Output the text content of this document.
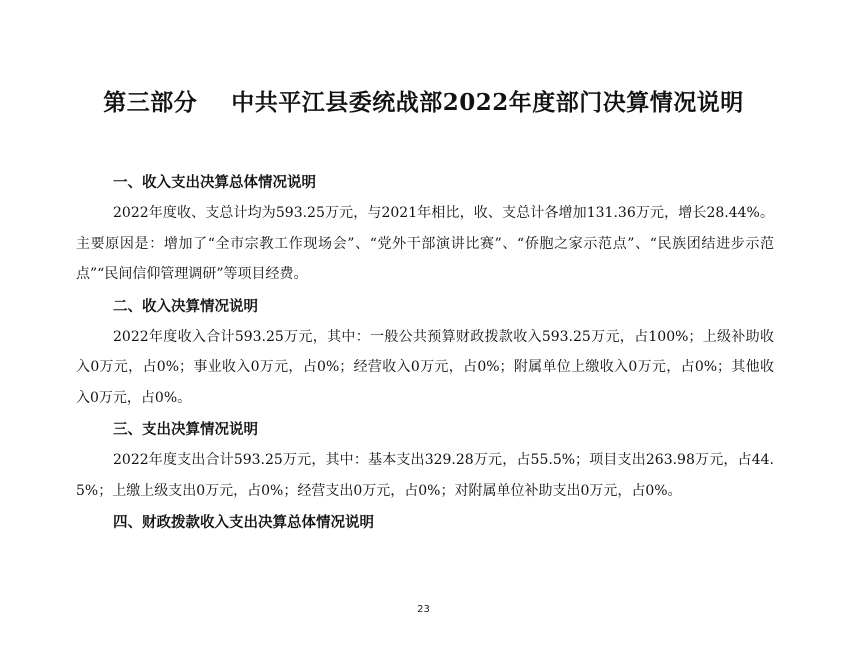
第三部分    中共平江县委统战部2022年度部门决算情况说明

一、收入支出决算总体情况说明

2022年度收、支总计均为593.25万元，与2021年相比，收、支总计各增加131.36万元，增长28.44%。主要原因是：增加了“全市宗教工作现场会”、“党外干部演讲比赛”、“侨胞之家示范点”、“民族团结进步示范点”“民间信仰管理调研”等项目经费。

二、收入决算情况说明

2022年度收入合计593.25万元，其中：一般公共预算财政拨款收入593.25万元，占100%；上级补助收入0万元，占0%；事业收入0万元，占0%；经营收入0万元，占0%；附属单位上缴收入0万元，占0%；其他收入0万元，占0%。

三、支出决算情况说明

2022年度支出合计593.25万元，其中：基本支出329.28万元，占55.5%；项目支出263.98万元，占44.5%；上缴上级支出0万元，占0%；经营支出0万元，占0%；对附属单位补助支出0万元，占0%。

四、财政拨款收入支出决算总体情况说明

23
